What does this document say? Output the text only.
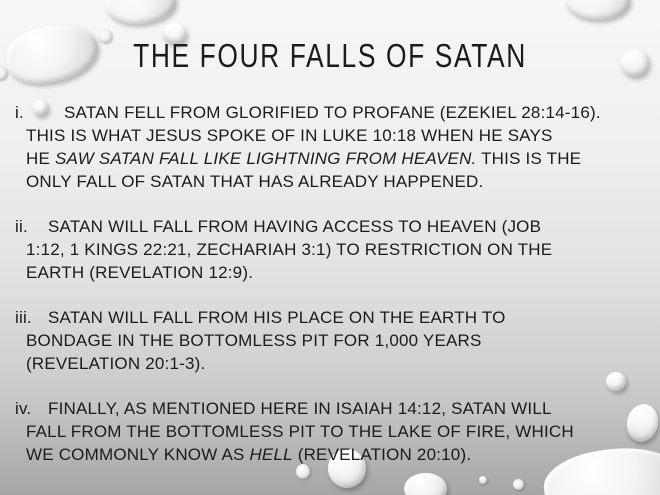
THE FOUR FALLS OF SATAN
i.	SATAN FELL FROM GLORIFIED TO PROFANE (EZEKIEL 28:14-16).
THIS IS WHAT JESUS SPOKE OF IN LUKE 10:18 WHEN HE SAYS
HE SAW SATAN FALL LIKE LIGHTNING FROM HEAVEN. THIS IS THE
ONLY FALL OF SATAN THAT HAS ALREADY HAPPENED.
ii.	SATAN WILL FALL FROM HAVING ACCESS TO HEAVEN (JOB
1:12, 1 KINGS 22:21, ZECHARIAH 3:1) TO RESTRICTION ON THE
EARTH (REVELATION 12:9).
iii. SATAN WILL FALL FROM HIS PLACE ON THE EARTH TO
BONDAGE IN THE BOTTOMLESS PIT FOR 1,000 YEARS
(REVELATION 20:1-3).
iv. FINALLY, AS MENTIONED HERE IN ISAIAH 14:12, SATAN WILL
FALL FROM THE BOTTOMLESS PIT TO THE LAKE OF FIRE, WHICH
WE COMMONLY KNOW AS HELL (REVELATION 20:10).
